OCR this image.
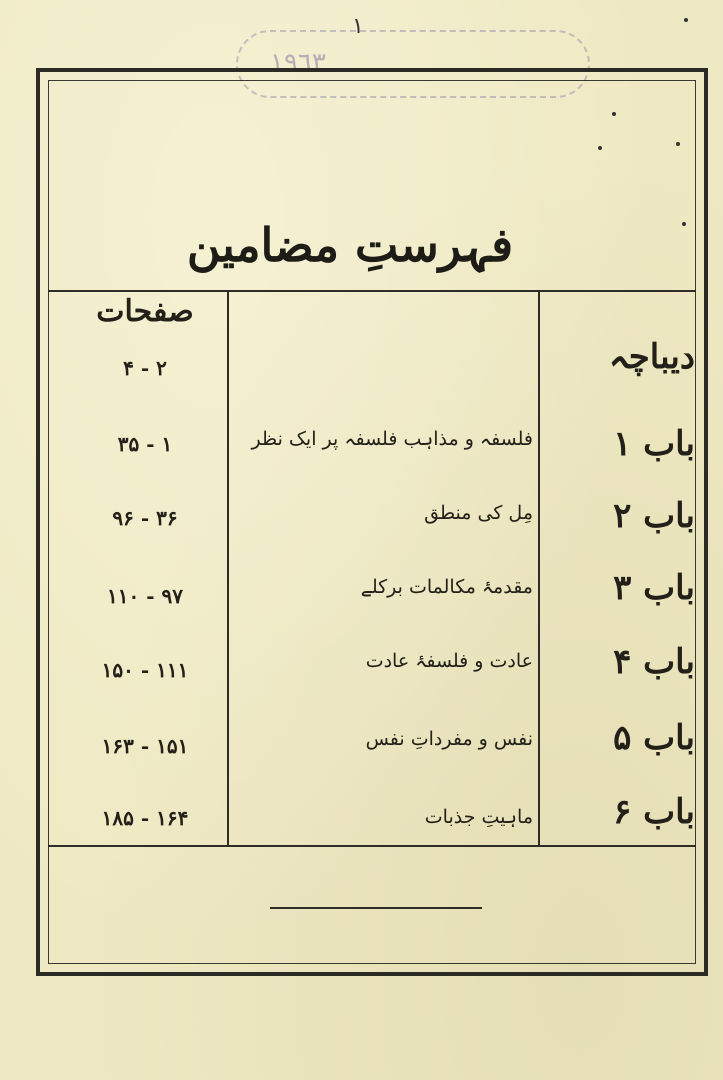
١٩٦٣
۱
فہرستِ مضامین
صفحات
دیباچہ
۲ - ۴
باب ۱
فلسفہ و مذاہب فلسفہ پر ایک نظر
۱ - ۳۵
باب ۲
مِل کی منطق
۳۶ - ۹۶
باب ۳
مقدمۂ مکالمات برکلے
۹۷ - ۱۱۰
باب ۴
عادت و فلسفۂ عادت
۱۱۱ - ۱۵۰
باب ۵
نفس و مفرداتِ نفس
۱۵۱ - ۱۶۳
باب ۶
ماہیتِ جذبات
۱۶۴ - ۱۸۵
